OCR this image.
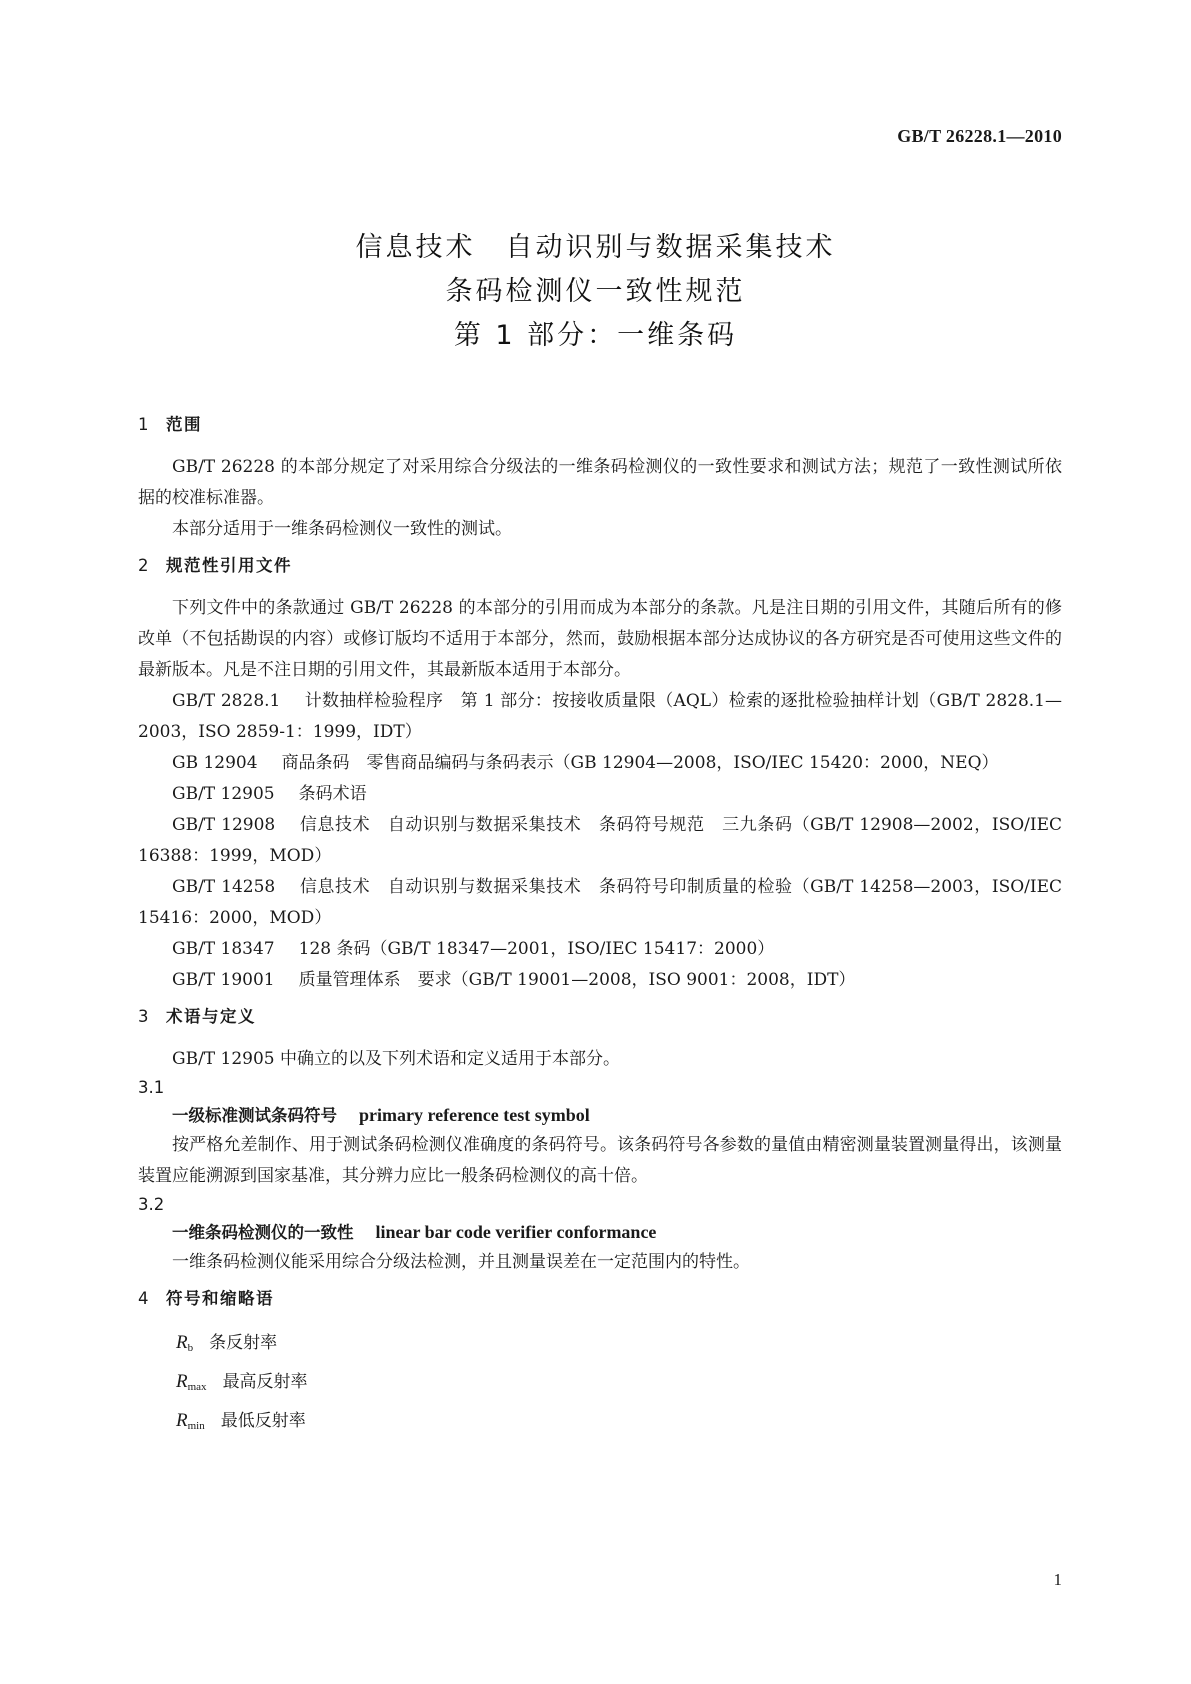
GB/T 26228.1—2010
信息技术　自动识别与数据采集技术
条码检测仪一致性规范
第 1 部分：一维条码
1 范围

GB/T 26228 的本部分规定了对采用综合分级法的一维条码检测仪的一致性要求和测试方法；规范了一致性测试所依据的校准标准器。

本部分适用于一维条码检测仪一致性的测试。

2 规范性引用文件

下列文件中的条款通过 GB/T 26228 的本部分的引用而成为本部分的条款。凡是注日期的引用文件，其随后所有的修改单（不包括勘误的内容）或修订版均不适用于本部分，然而，鼓励根据本部分达成协议的各方研究是否可使用这些文件的最新版本。凡是不注日期的引用文件，其最新版本适用于本部分。

GB/T 2828.1 计数抽样检验程序　第 1 部分：按接收质量限（AQL）检索的逐批检验抽样计划（GB/T 2828.1—2003，ISO 2859-1：1999，IDT）
GB 12904 商品条码　零售商品编码与条码表示（GB 12904—2008，ISO/IEC 15420：2000，NEQ）
GB/T 12905 条码术语
GB/T 12908 信息技术　自动识别与数据采集技术　条码符号规范　三九条码（GB/T 12908—2002，ISO/IEC 16388：1999，MOD）
GB/T 14258 信息技术　自动识别与数据采集技术　条码符号印制质量的检验（GB/T 14258—2003，ISO/IEC 15416：2000，MOD）
GB/T 18347 128 条码（GB/T 18347—2001，ISO/IEC 15417：2000）
GB/T 19001 质量管理体系　要求（GB/T 19001—2008，ISO 9001：2008，IDT）
3 术语与定义

GB/T 12905 中确立的以及下列术语和定义适用于本部分。

3.1
一级标准测试条码符号 primary reference test symbol

按严格允差制作、用于测试条码检测仪准确度的条码符号。该条码符号各参数的量值由精密测量装置测量得出，该测量装置应能溯源到国家基准，其分辨力应比一般条码检测仪的高十倍。

3.2
一维条码检测仪的一致性 linear bar code verifier conformance

一维条码检测仪能采用综合分级法检测，并且测量误差在一定范围内的特性。

4 符号和缩略语
$R_b$ 条反射率
$R_{max}$ 最高反射率
$R_{min}$ 最低反射率
1
